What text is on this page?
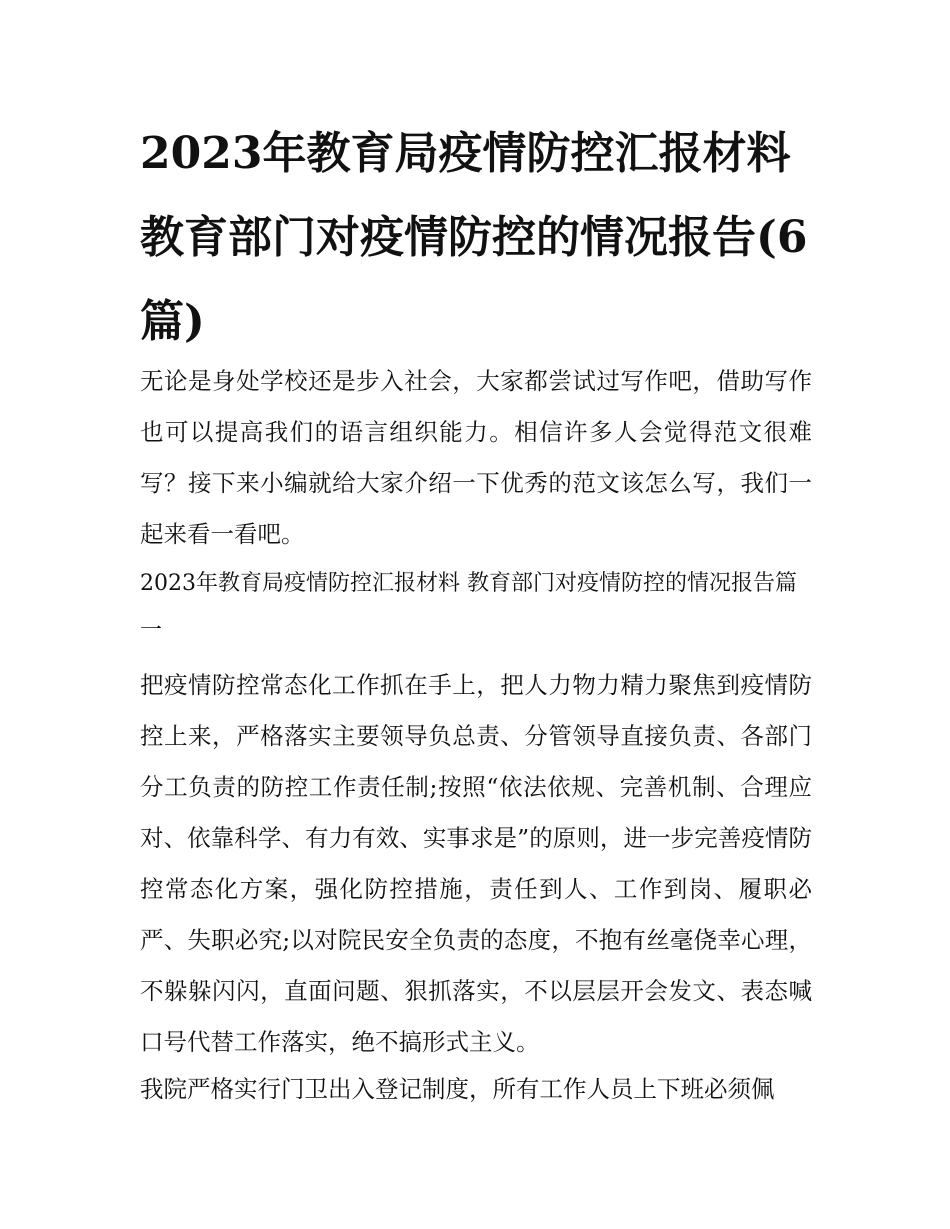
2023年教育局疫情防控汇报材料 教育部门对疫情防控的情况报告(6篇)

无论是身处学校还是步入社会，大家都尝试过写作吧，借助写作也可以提高我们的语言组织能力。相信许多人会觉得范文很难写？接下来小编就给大家介绍一下优秀的范文该怎么写，我们一起来看一看吧。

2023年教育局疫情防控汇报材料 教育部门对疫情防控的情况报告篇一

把疫情防控常态化工作抓在手上，把人力物力精力聚焦到疫情防控上来，严格落实主要领导负总责、分管领导直接负责、各部门分工负责的防控工作责任制;按照“依法依规、完善机制、合理应对、依靠科学、有力有效、实事求是”的原则，进一步完善疫情防控常态化方案，强化防控措施，责任到人、工作到岗、履职必严、失职必究;以对院民安全负责的态度，不抱有丝毫侥幸心理，不躲躲闪闪，直面问题、狠抓落实，不以层层开会发文、表态喊口号代替工作落实，绝不搞形式主义。

我院严格实行门卫出入登记制度，所有工作人员上下班必须佩
